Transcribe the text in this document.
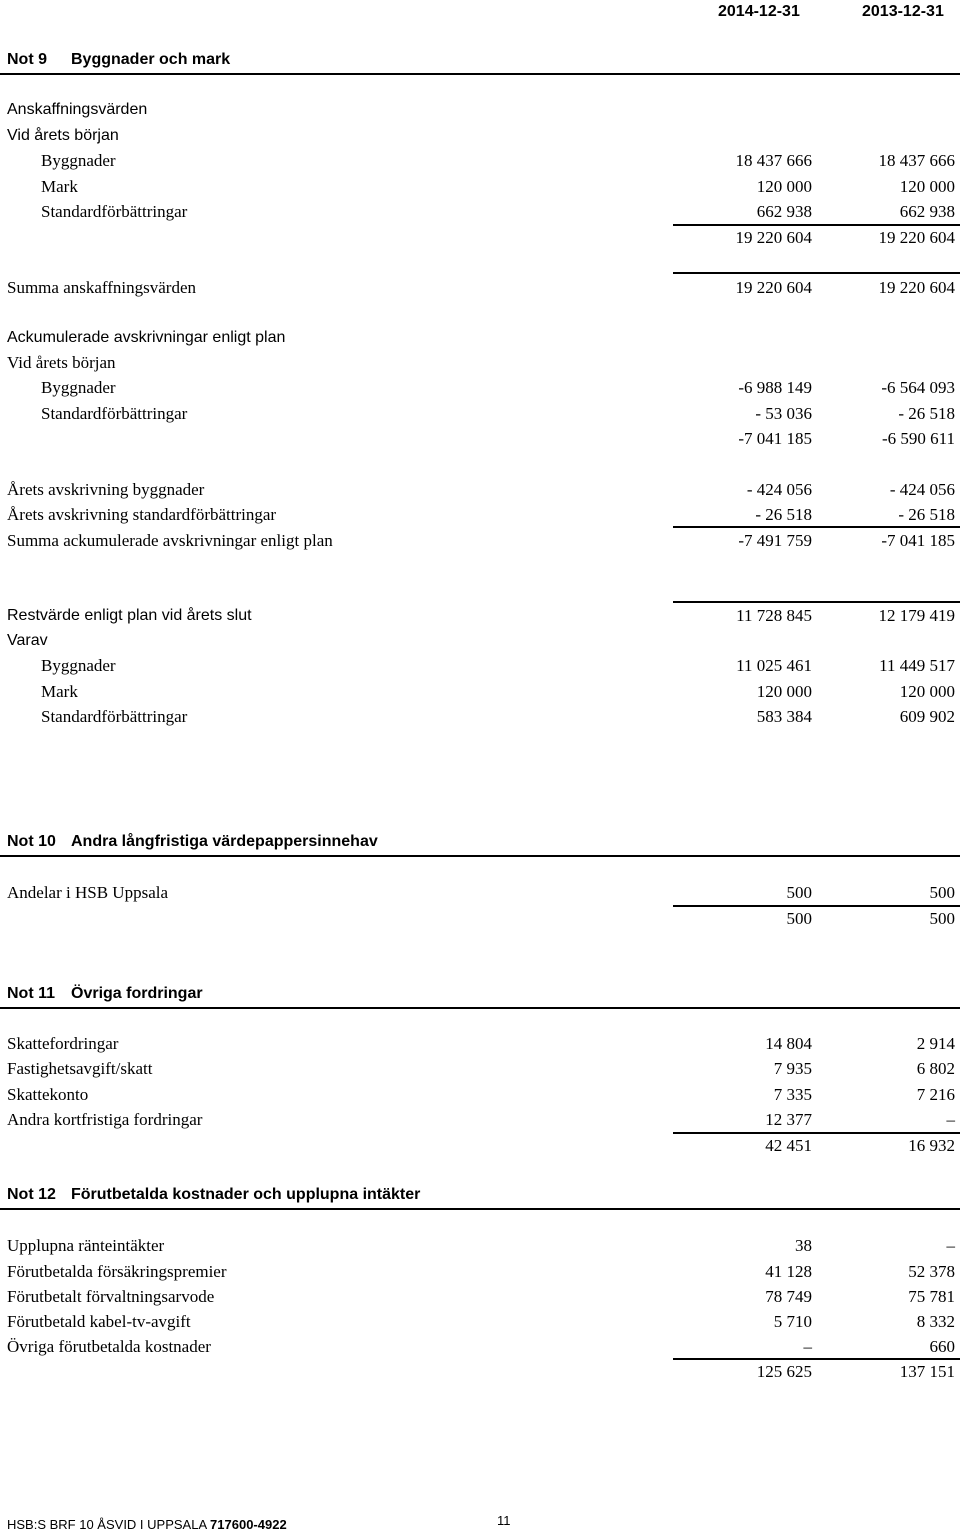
2014-12-31	2013-12-31
Not 9 Byggnader och mark
Anskaffningsvärden
Vid årets början
Byggnader	18 437 666	18 437 666
Mark	120 000	120 000
Standardförbättringar	662 938	662 938
19 220 604	19 220 604
Summa anskaffningsvärden	19 220 604	19 220 604
Ackumulerade avskrivningar enligt plan
Vid årets början
Byggnader	-6 988 149	-6 564 093
Standardförbättringar	- 53 036	- 26 518
-7 041 185	-6 590 611
Årets avskrivning byggnader	- 424 056	- 424 056
Årets avskrivning standardförbättringar	- 26 518	- 26 518
Summa ackumulerade avskrivningar enligt plan	-7 491 759	-7 041 185
Restvärde enligt plan vid årets slut	11 728 845	12 179 419
Varav
Byggnader	11 025 461	11 449 517
Mark	120 000	120 000
Standardförbättringar	583 384	609 902
Not 10 Andra långfristiga värdepappersinnehav
Andelar i HSB Uppsala	500	500
500	500
Not 11 Övriga fordringar
Skattefordringar	14 804	2 914
Fastighetsavgift/skatt	7 935	6 802
Skattekonto	7 335	7 216
Andra kortfristiga fordringar	12 377	–
42 451	16 932
Not 12 Förutbetalda kostnader och upplupna intäkter
Upplupna ränteintäkter	38	–
Förutbetalda försäkringspremier	41 128	52 378
Förutbetalt förvaltningsarvode	78 749	75 781
Förutbetald kabel-tv-avgift	5 710	8 332
Övriga förutbetalda kostnader	–	660
125 625	137 151
HSB:S BRF 10 ÅSVID I UPPSALA 717600-4922	11
